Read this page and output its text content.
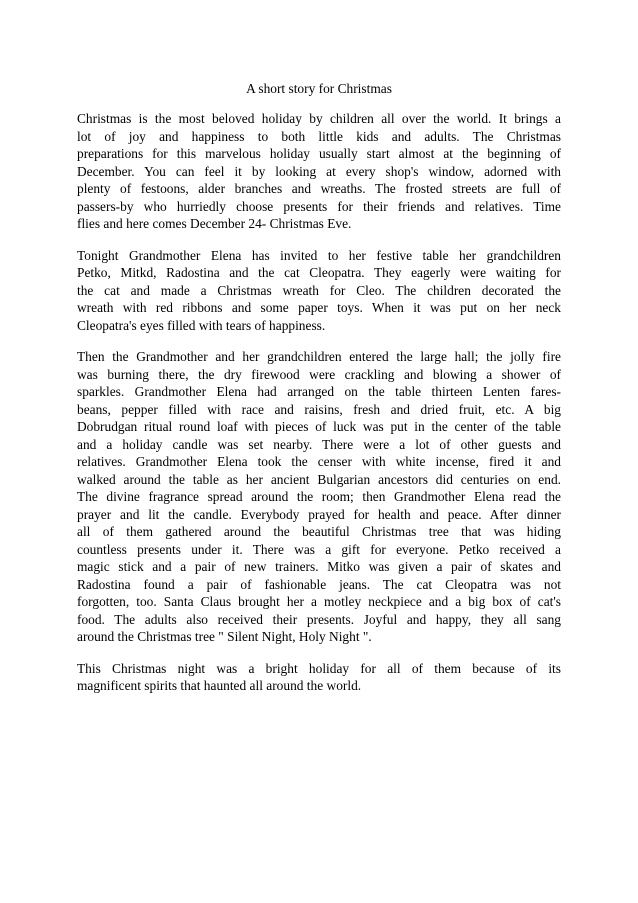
A short story for Christmas
Christmas is the most beloved holiday by children all over the world. It brings a
lot of joy and happiness to both little kids and adults. The Christmas
preparations for this marvelous holiday usually start almost at the beginning of
December. You can feel it by looking at every shop's window, adorned with
plenty of festoons, alder branches and wreaths. The frosted streets are full of
passers-by who hurriedly choose presents for their friends and relatives. Time
flies and here comes December 24- Christmas Eve.
Tonight Grandmother Elena has invited to her festive table her grandchildren
Petko, Mitkd, Radostina and the cat Cleopatra. They eagerly were waiting for
the cat and made a Christmas wreath for Cleo. The children decorated the
wreath with red ribbons and some paper toys. When it was put on her neck
Cleopatra's eyes filled with tears of happiness.
Then the Grandmother and her grandchildren entered the large hall; the jolly fire
was burning there, the dry firewood were crackling and blowing a shower of
sparkles. Grandmother Elena had arranged on the table thirteen Lenten fares-
beans, pepper filled with race and raisins, fresh and dried fruit, etc. A big
Dobrudgan ritual round loaf with pieces of luck was put in the center of the table
and a holiday candle was set nearby. There were a lot of other guests and
relatives. Grandmother Elena took the censer with white incense, fired it and
walked around the table as her ancient Bulgarian ancestors did centuries on end.
The divine fragrance spread around the room; then Grandmother Elena read the
prayer and lit the candle. Everybody prayed for health and peace. After dinner
all of them gathered around the beautiful Christmas tree that was hiding
countless presents under it. There was a gift for everyone. Petko received a
magic stick and a pair of new trainers. Mitko was given a pair of skates and
Radostina found a pair of fashionable jeans. The cat Cleopatra was not
forgotten, too. Santa Claus brought her a motley neckpiece and a big box of cat's
food. The adults also received their presents. Joyful and happy, they all sang
around the Christmas tree " Silent Night, Holy Night ".
This Christmas night was a bright holiday for all of them because of its
magnificent spirits that haunted all around the world.
